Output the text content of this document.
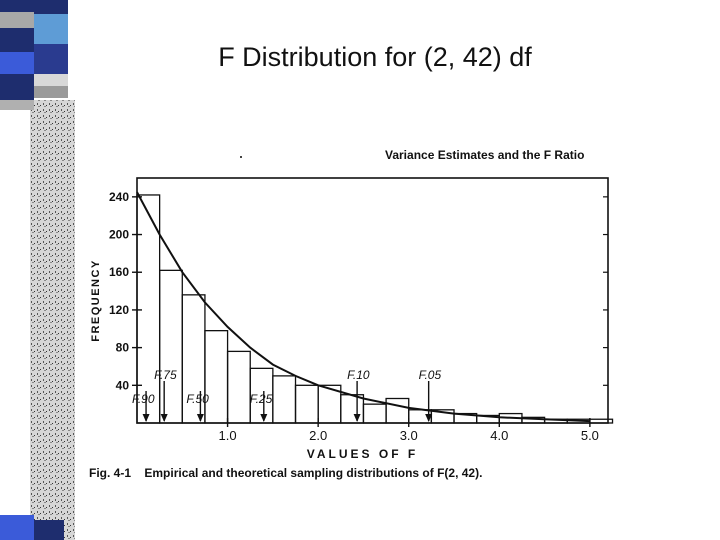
F Distribution for (2, 42) df
Variance Estimates and the F Ratio
40
80
120
160
200
240
1.0	2.0	3.0	4.0	5.0
F.90
F.75
F.50	F.25
F.10	F.05
FREQUENCY
VALUES OF F
Fig. 4-1 Empirical and theoretical sampling distributions of F(2, 42).
